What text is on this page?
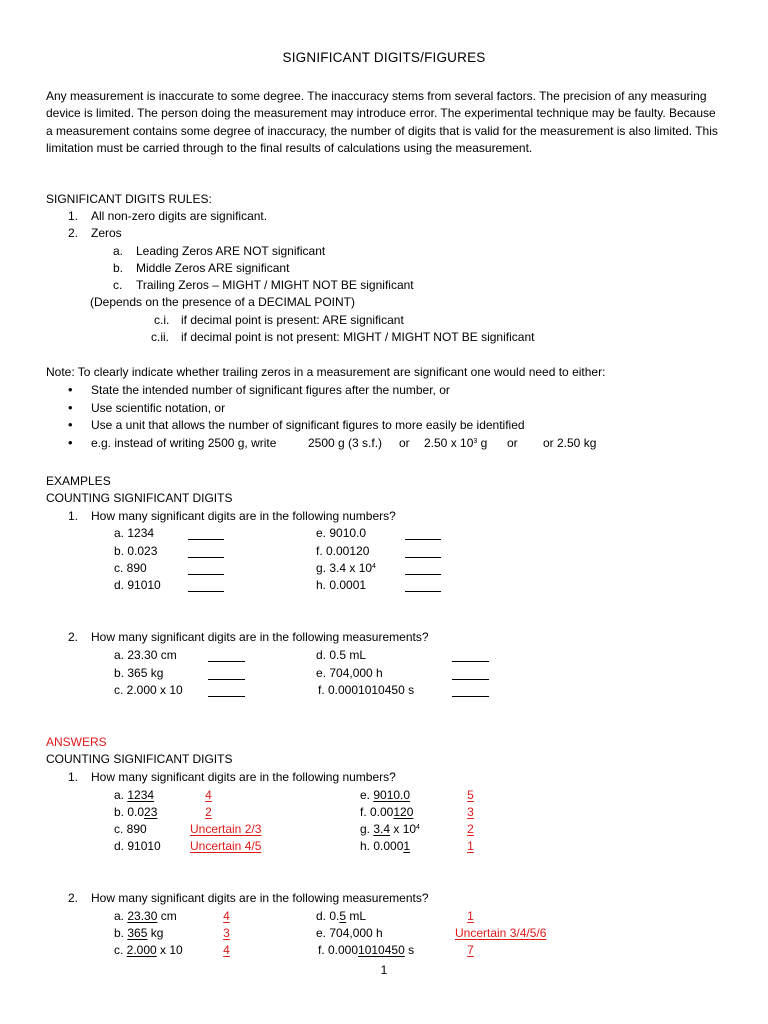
SIGNIFICANT DIGITS/FIGURES
Any measurement is inaccurate to some degree. The inaccuracy stems from several factors. The precision of any measuring device is limited. The person doing the measurement may introduce error. The experimental technique may be faulty. Because a measurement contains some degree of inaccuracy, the number of digits that is valid for the measurement is also limited. This limitation must be carried through to the final results of calculations using the measurement.
SIGNIFICANT DIGITS RULES:
1. All non-zero digits are significant.
2. Zeros
a. Leading Zeros ARE NOT significant
b. Middle Zeros ARE significant
c. Trailing Zeros – MIGHT / MIGHT NOT BE significant
(Depends on the presence of a DECIMAL POINT)
c.i. if decimal point is present: ARE significant
c.ii. if decimal point is not present: MIGHT / MIGHT NOT BE significant
Note: To clearly indicate whether trailing zeros in a measurement are significant one would need to either:
• State the intended number of significant figures after the number, or
• Use scientific notation, or
• Use a unit that allows the number of significant figures to more easily be identified
• e.g. instead of writing 2500 g, write	2500 g (3 s.f.) or 2.50 x $10^3$ g or or 2.50 kg
EXAMPLES
COUNTING SIGNIFICANT DIGITS
1. How many significant digits are in the following numbers?
a. 1234
b. 0.023
c. 890
d. 91010
e. 9010.0
f. 0.00120
g. 3.4 x $10^4$
h. 0.0001
2. How many significant digits are in the following measurements?
a. 23.30 cm
b. 365 kg
c. 2.000 x 10
d. 0.5 mL
e. 704,000 h
f. 0.0001010450 s
ANSWERS
COUNTING SIGNIFICANT DIGITS
1. How many significant digits are in the following numbers?
a. 1234	4
b. 0.023	2
c. 890	Uncertain 2/3
d. 91010 Uncertain 4/5
e. 9010.0	5
f. 0.00120	3
g. 3.4 x $10^4$	2
h. 0.0001	1
2. How many significant digits are in the following measurements?
a. 23.30 cm	4
b. 365 kg	3
c. 2.000 x 10	4
d. 0.5 mL	1
e. 704,000 h	Uncertain 3/4/5/6
f. 0.0001010450 s	7
1
